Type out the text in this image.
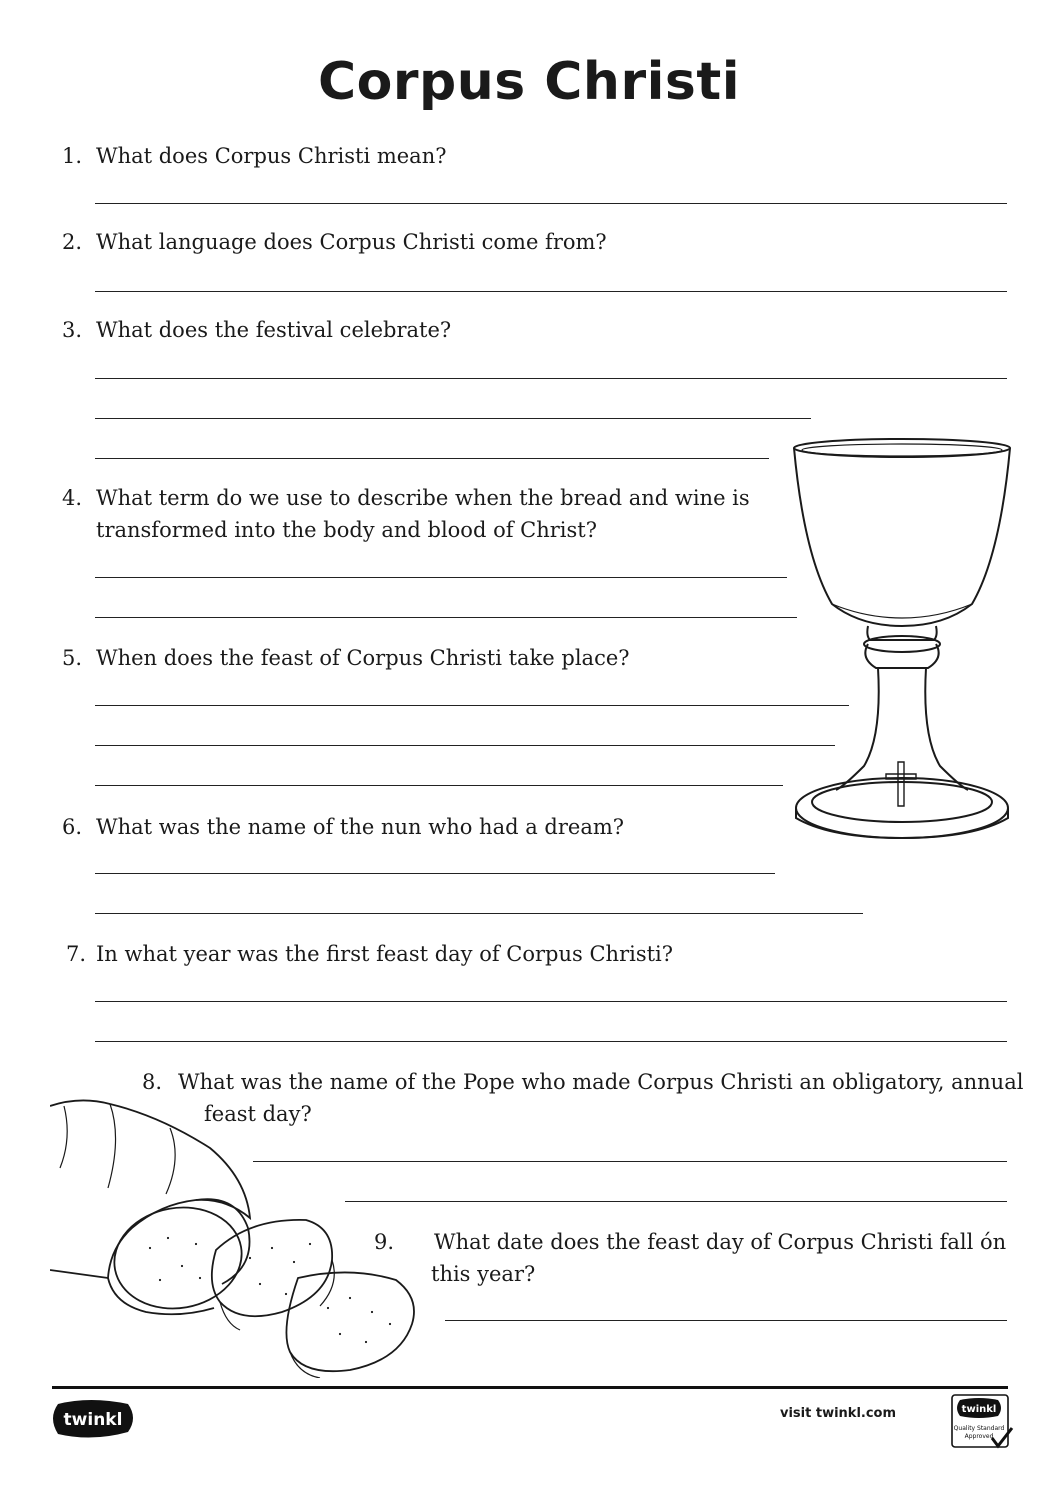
Corpus Christi
1. What does Corpus Christi mean?
2. What language does Corpus Christi come from?
3. What does the festival celebrate?
4. What term do we use to describe when the bread and wine is
transformed into the body and blood of Christ?
5. When does the feast of Corpus Christi take place?
6. What was the name of the nun who had a dream?
7. In what year was the first feast day of Corpus Christi?
8. What was the name of the Pope who made Corpus Christi an obligatory, annual
feast day?
9.	What date does the feast day of Corpus Christi fall ón
this year?
twinkl	visit twinkl.com	twinkl
Quality Standard
Approved
